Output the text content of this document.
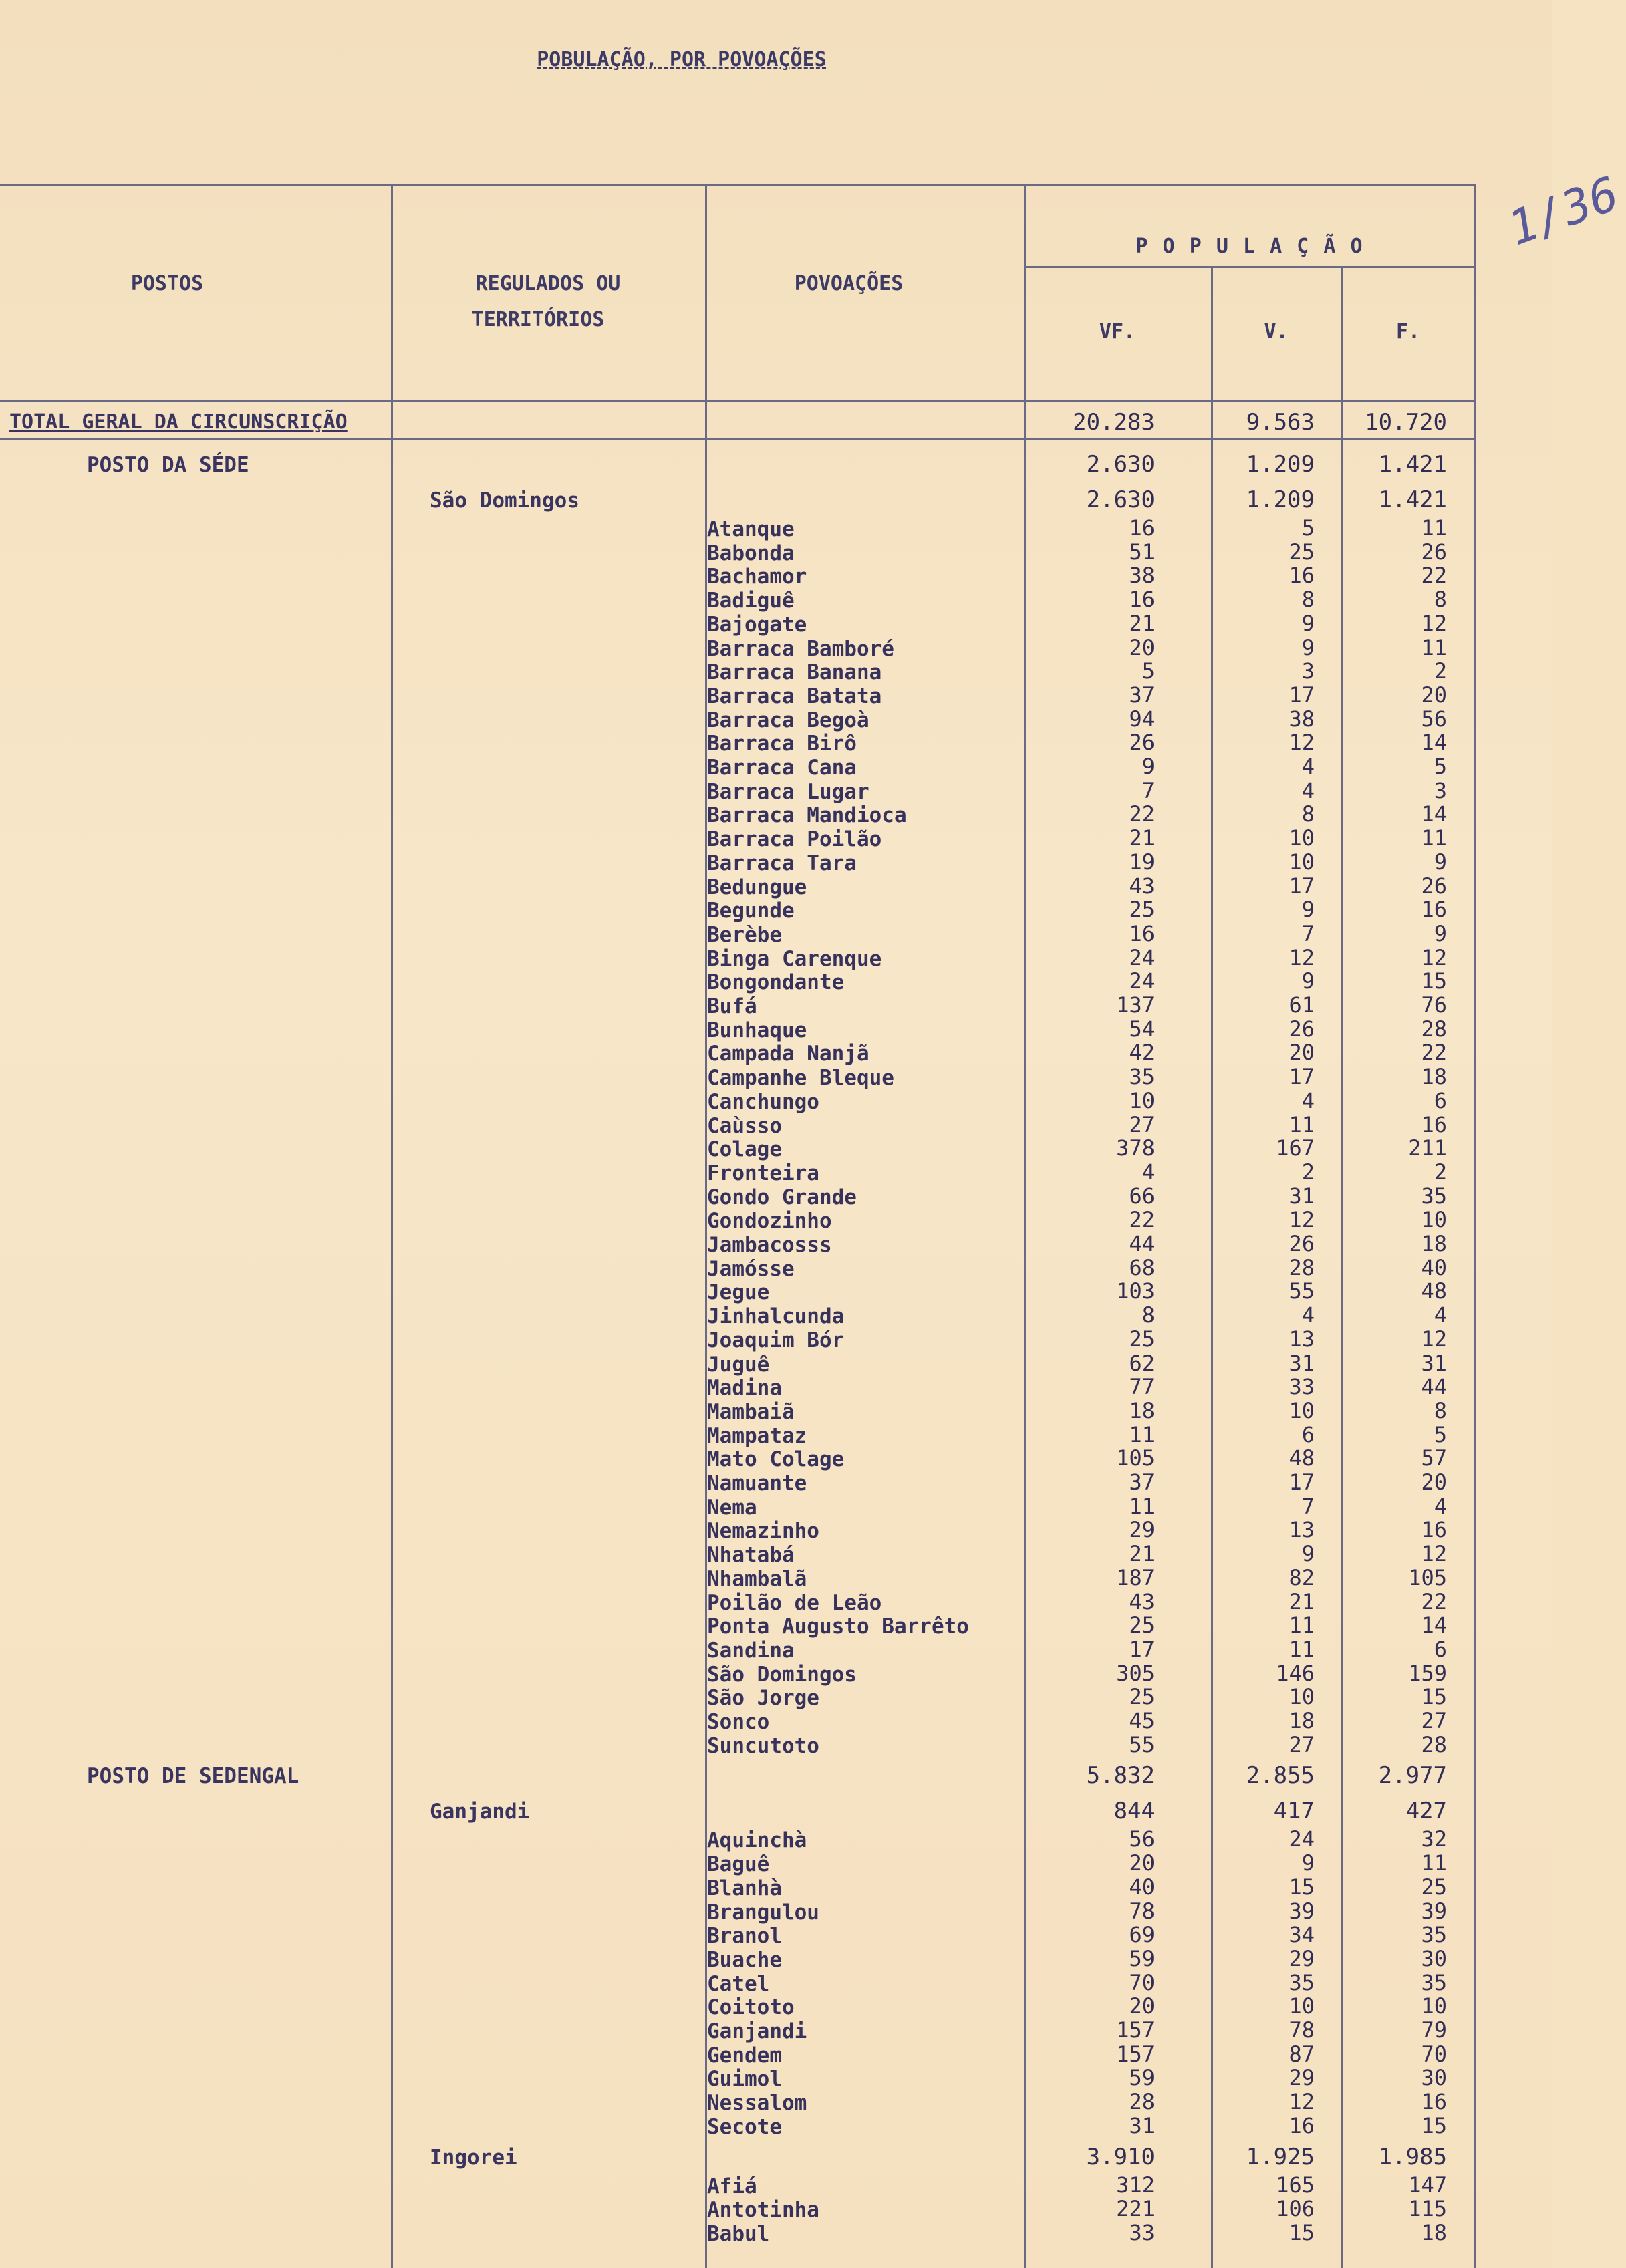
POBULAÇÃO, POR POVOAÇÕES
1/36
POSTOS	REGULADOS OU
TERRITÓRIOS
POVOAÇÕES
P O P U L A Ç Ã O
VF.	V.	F.
TOTAL GERAL DA CIRCUNSCRIÇÃO	20.283	9.563	10.720
POSTO DA SÉDE	2.630	1.209	1.421
São Domingos	2.630	1.209	1.421
Atanque	16	5	11
Babonda	51	25	26
Bachamor	38	16	22
Badiguê	16	8	8
Bajogate	21	9	12
Barraca Bamboré	20	9	11
Barraca Banana	5	3	2
Barraca Batata	37	17	20
Barraca Begoà	94	38	56
Barraca Birô	26	12	14
Barraca Cana	9	4	5
Barraca Lugar	7	4	3
Barraca Mandioca	22	8	14
Barraca Poilão	21	10	11
Barraca Tara	19	10	9
Bedungue	43	17	26
Begunde	25	9	16
Berèbe	16	7	9
Binga Carenque	24	12	12
Bongondante	24	9	15
Bufá	137	61	76
Bunhaque	54	26	28
Campada Nanjã	42	20	22
Campanhe Bleque	35	17	18
Canchungo	10	4	6
Caùsso	27	11	16
Colage	378	167	211
Fronteira	4	2	2
Gondo Grande	66	31	35
Gondozinho	22	12	10
Jambacosss	44	26	18
Jamósse	68	28	40
Jegue	103	55	48
Jinhalcunda	8	4	4
Joaquim Bór	25	13	12
Juguê	62	31	31
Madina	77	33	44
Mambaiã	18	10	8
Mampataz	11	6	5
Mato Colage	105	48	57
Namuante	37	17	20
Nema	11	7	4
Nemazinho	29	13	16
Nhatabá	21	9	12
Nhambalã	187	82	105
Poilão de Leão	43	21	22
Ponta Augusto Barrêto	25	11	14
Sandina	17	11	6
São Domingos	305	146	159
São Jorge	25	10	15
Sonco	45	18	27
Suncutoto	55	27	28
POSTO DE SEDENGAL	5.832	2.855	2.977
Ganjandi	844	417	427
Aquinchà	56	24	32
Baguê	20	9	11
Blanhà	40	15	25
Brangulou	78	39	39
Branol	69	34	35
Buache	59	29	30
Catel	70	35	35
Coitoto	20	10	10
Ganjandi	157	78	79
Gendem	157	87	70
Guimol	59	29	30
Nessalom	28	12	16
Secote	31	16	15
Ingorei	3.910	1.925	1.985
Afiá	312	165	147
Antotinha	221	106	115
Babul	33	15	18
